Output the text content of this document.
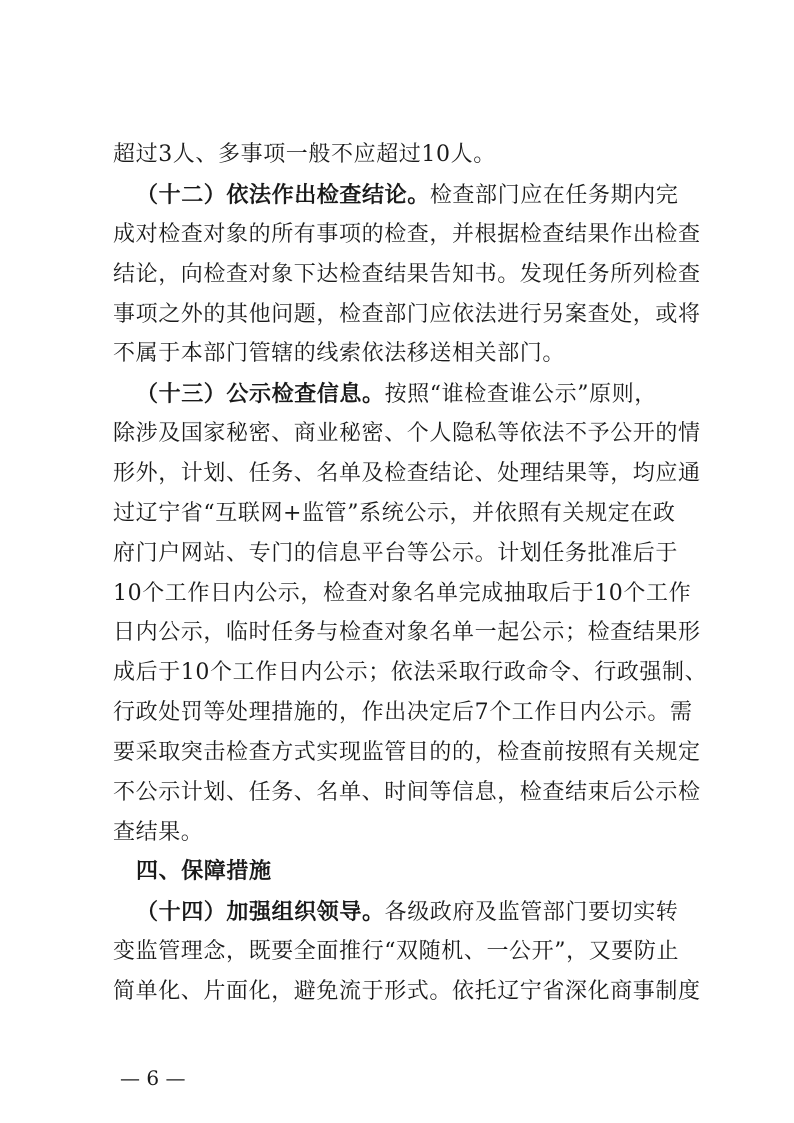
超过3人、多事项一般不应超过10人。
（十二）依法作出检查结论。检查部门应在任务期内完
成对检查对象的所有事项的检查，并根据检查结果作出检查
结论，向检查对象下达检查结果告知书。发现任务所列检查
事项之外的其他问题，检查部门应依法进行另案查处，或将
不属于本部门管辖的线索依法移送相关部门。
（十三）公示检查信息。按照“谁检查谁公示”原则，
除涉及国家秘密、商业秘密、个人隐私等依法不予公开的情
形外，计划、任务、名单及检查结论、处理结果等，均应通
过辽宁省“互联网+监管”系统公示，并依照有关规定在政
府门户网站、专门的信息平台等公示。计划任务批准后于
10个工作日内公示，检查对象名单完成抽取后于10个工作
日内公示，临时任务与检查对象名单一起公示；检查结果形
成后于10个工作日内公示；依法采取行政命令、行政强制、
行政处罚等处理措施的，作出决定后7个工作日内公示。需
要采取突击检查方式实现监管目的的，检查前按照有关规定
不公示计划、任务、名单、时间等信息，检查结束后公示检
查结果。
四、保障措施
（十四）加强组织领导。各级政府及监管部门要切实转
变监管理念，既要全面推行“双随机、一公开”，又要防止
简单化、片面化，避免流于形式。依托辽宁省深化商事制度
— 6 —
